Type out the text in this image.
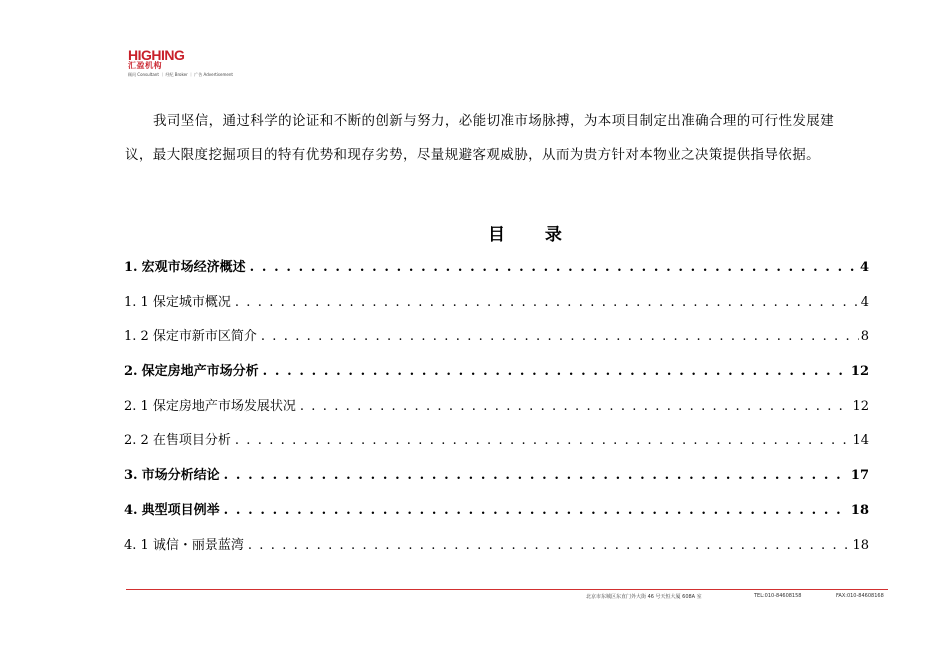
HIGHING
汇盈机构
顾问 Consultant ｜ 经纪 Broker ｜ 广告 Advertisement

我司坚信，通过科学的论证和不断的创新与努力，必能切准市场脉搏，为本项目制定出准确合理的可行性发展建议，最大限度挖掘项目的特有优势和现存劣势，尽量规避客观威胁，从而为贵方针对本物业之决策提供指导依据。

目 录
1. 宏观市场经济概述 . . .	4
1. 1 保定城市概况 . . .	4
1. 2 保定市新市区简介 . . .	8
2. 保定房地产市场分析 . . .	12
2. 1 保定房地产市场发展状况 . . .	12
2. 2 在售项目分析 . . .	14
3. 市场分析结论 . . .	17
4. 典型项目例举 . . .	18
4. 1 诚信・丽景蓝湾 . . .	18
北京市东城区东直门外大街 46 号天恒大厦 608A 室	TEL:010-84608158	FAX:010-84608168
